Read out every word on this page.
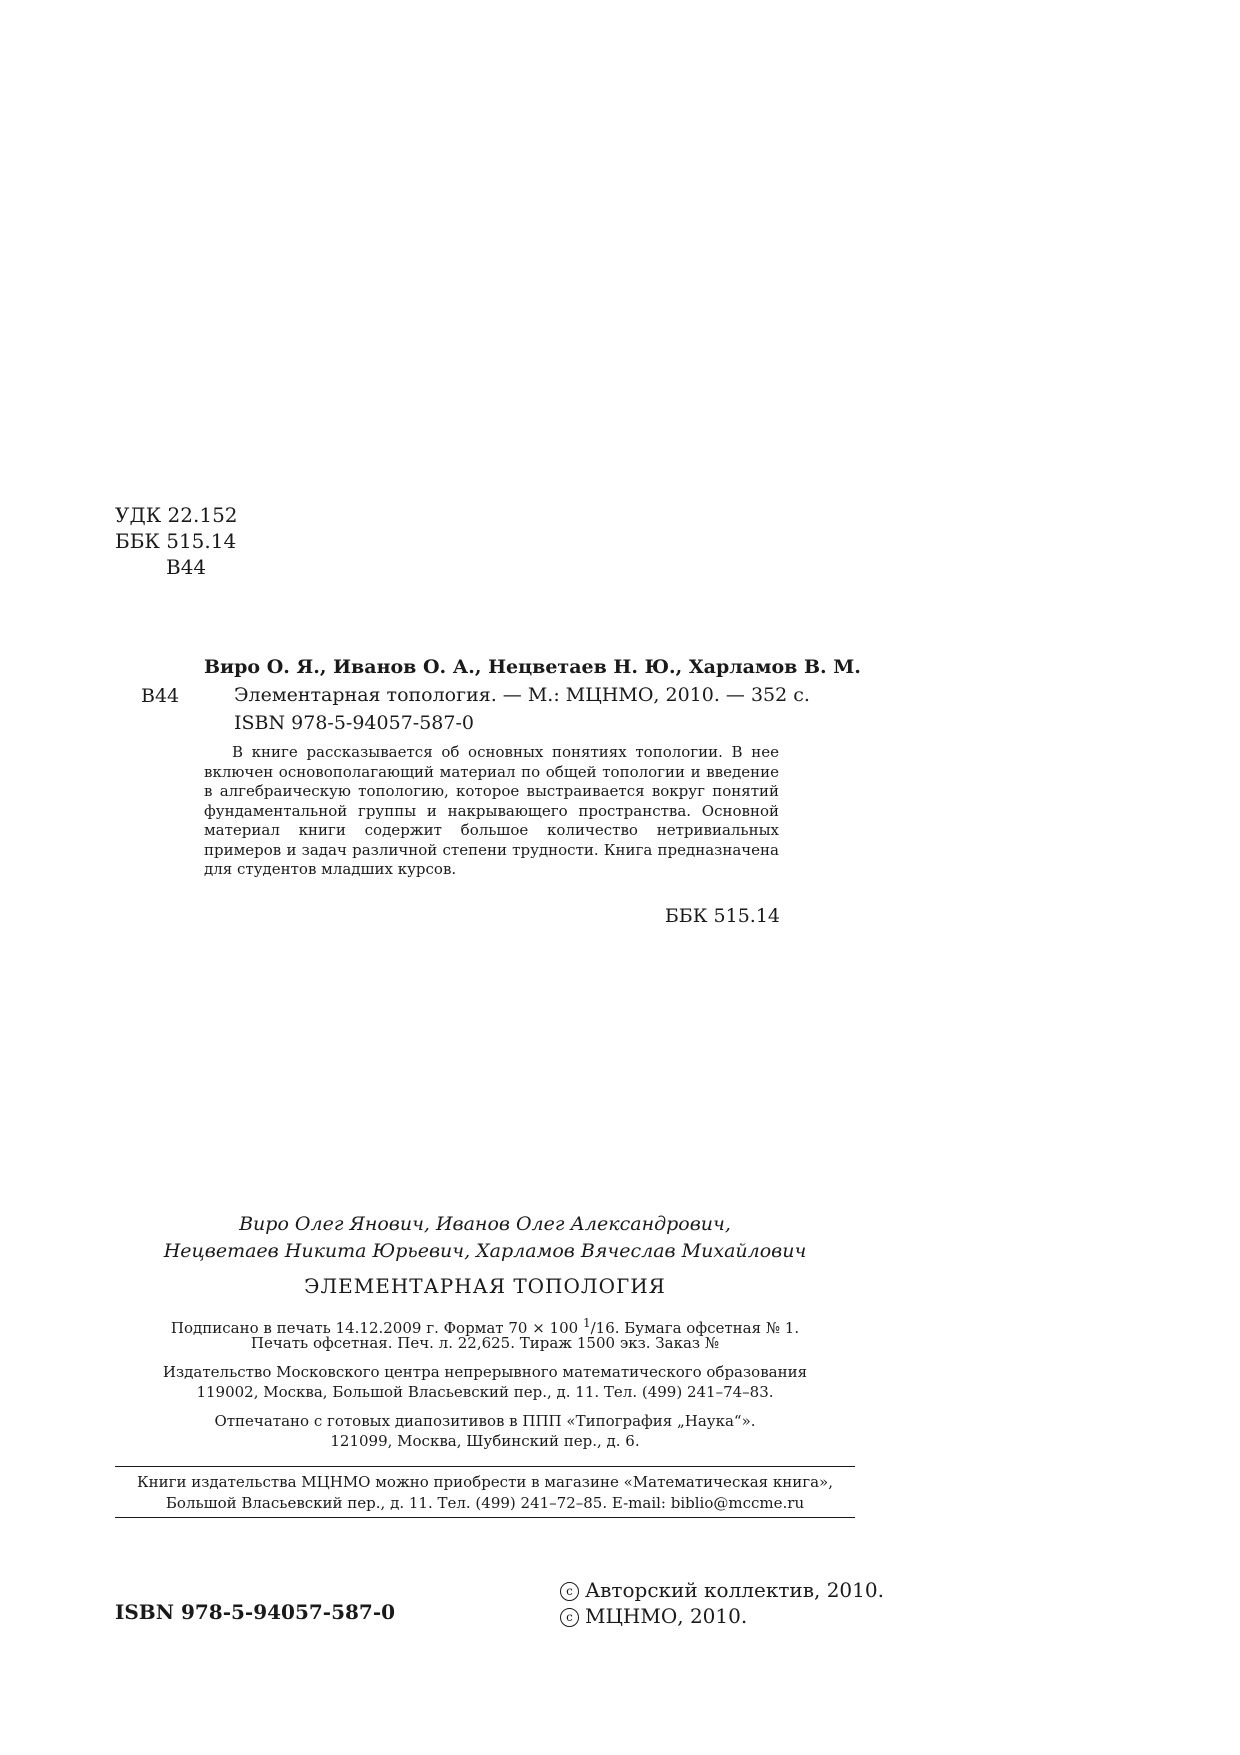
УДК 22.152
ББК 515.14
В44
Виро О. Я., Иванов О. А., Нецветаев Н. Ю., Харламов В. М.
В44	Элементарная топология. — М.: МЦНМО, 2010. — 352 с.
ISBN 978-5-94057-587-0
В книге рассказывается об основных понятиях топологии. В нее включен основополагающий материал по общей топологии и введение в алгебраическую топологию, которое выстраивается вокруг понятий фундаментальной группы и накрывающего пространства. Основной материал книги содержит большое количество нетривиальных примеров и задач различной степени трудности. Книга предназначена для студентов младших курсов.
ББК 515.14
Виро Олег Янович, Иванов Олег Александрович,
Нецветаев Никита Юрьевич, Харламов Вячеслав Михайлович
ЭЛЕМЕНТАРНАЯ ТОПОЛОГИЯ
Подписано в печать 14.12.2009 г. Формат 70 × 100 $^1$/16. Бумага офсетная № 1.
Печать офсетная. Печ. л. 22,625. Тираж 1500 экз. Заказ №
Издательство Московского центра непрерывного математического образования
119002, Москва, Большой Власьевский пер., д. 11. Тел. (499) 241–74–83.
Отпечатано с готовых диапозитивов в ППП «Типография „Наука“».
121099, Москва, Шубинский пер., д. 6.
Книги издательства МЦНМО можно приобрести в магазине «Математическая книга»,
Большой Власьевский пер., д. 11. Тел. (499) 241–72–85. E-mail: biblio@mccme.ru
ISBN 978-5-94057-587-0
c Авторский коллектив, 2010.
c МЦНМО, 2010.
